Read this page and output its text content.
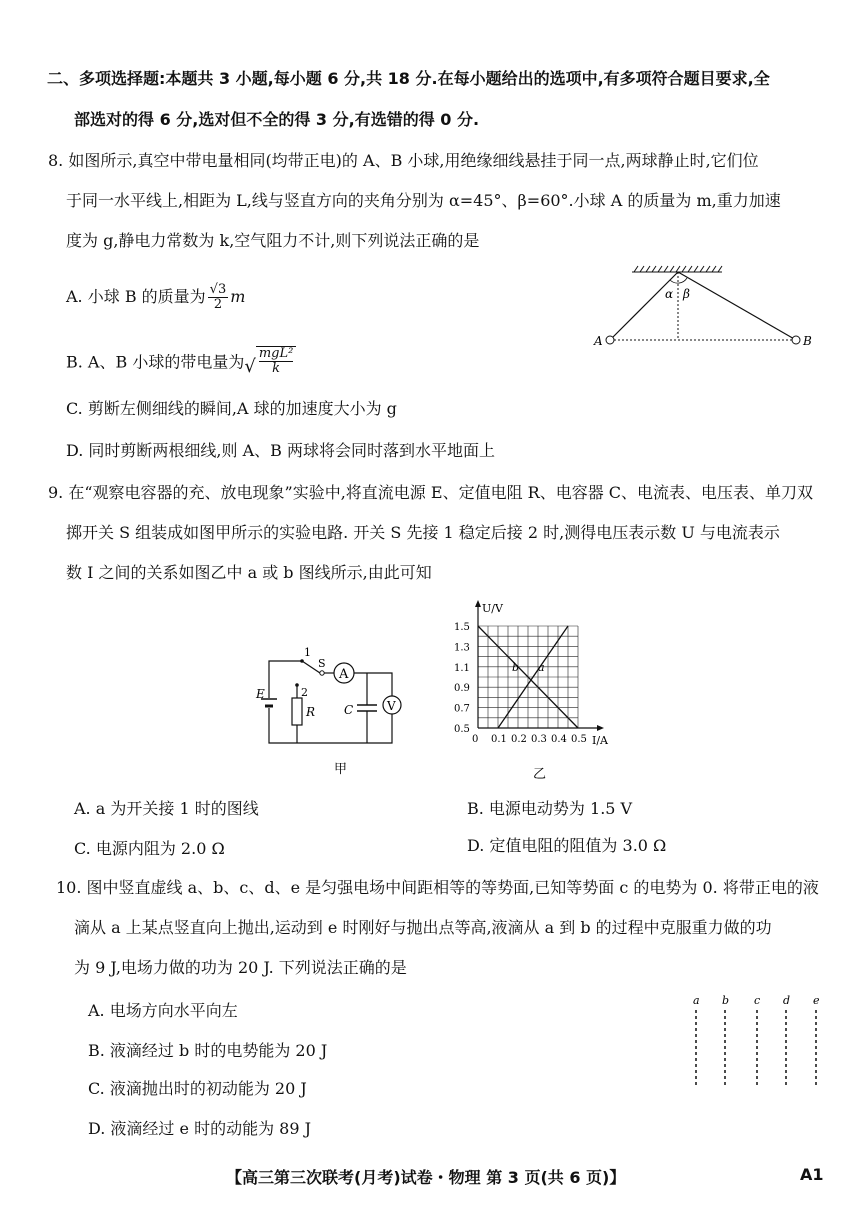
二、多项选择题:本题共 3 小题,每小题 6 分,共 18 分.在每小题给出的选项中,有多项符合题目要求,全
部选对的得 6 分,选对但不全的得 3 分,有选错的得 0 分.
8. 如图所示,真空中带电量相同(均带正电)的 A、B 小球,用绝缘细线悬挂于同一点,两球静止时,它们位
于同一水平线上,相距为 L,线与竖直方向的夹角分别为 α=45°、β=60°.小球 A 的质量为 m,重力加速
度为 g,静电力常数为 k,空气阻力不计,则下列说法正确的是
A. 小球 B 的质量为 $\frac{√3}{2}$ m
B. A、B 小球的带电量为√
mgL²
k
C. 剪断左侧细线的瞬间,A 球的加速度大小为 g
D. 同时剪断两根细线,则 A、B 两球将会同时落到水平地面上
α β
A	B
9. 在“观察电容器的充、放电现象”实验中,将直流电源 E、定值电阻 R、电容器 C、电流表、电压表、单刀双
掷开关 S 组装成如图甲所示的实验电路. 开关 S 先接 1 稳定后接 2 时,测得电压表示数 U 与电流表示
数 I 之间的关系如图乙中 a 或 b 图线所示,由此可知
A
V
E
R C
S
1
2
甲
U/V
I/A
1.5
1.3
1.1
0.9
0.7
0.5
0 0.1 0.2 0.3 0.4 0.5
a
b
乙
A. a 为开关接 1 时的图线	B. 电源电动势为 1.5 V
C. 电源内阻为 2.0 Ω	D. 定值电阻的阻值为 3.0 Ω
10. 图中竖直虚线 a、b、c、d、e 是匀强电场中间距相等的等势面,已知等势面 c 的电势为 0. 将带正电的液
滴从 a 上某点竖直向上抛出,运动到 e 时刚好与抛出点等高,液滴从 a 到 b 的过程中克服重力做的功
为 9 J,电场力做的功为 20 J. 下列说法正确的是
A. 电场方向水平向左
B. 液滴经过 b 时的电势能为 20 J
C. 液滴抛出时的初动能为 20 J
D. 液滴经过 e 时的动能为 89 J
a b c d e
【高三第三次联考(月考)试卷・物理 第 3 页(共 6 页)】	A1
